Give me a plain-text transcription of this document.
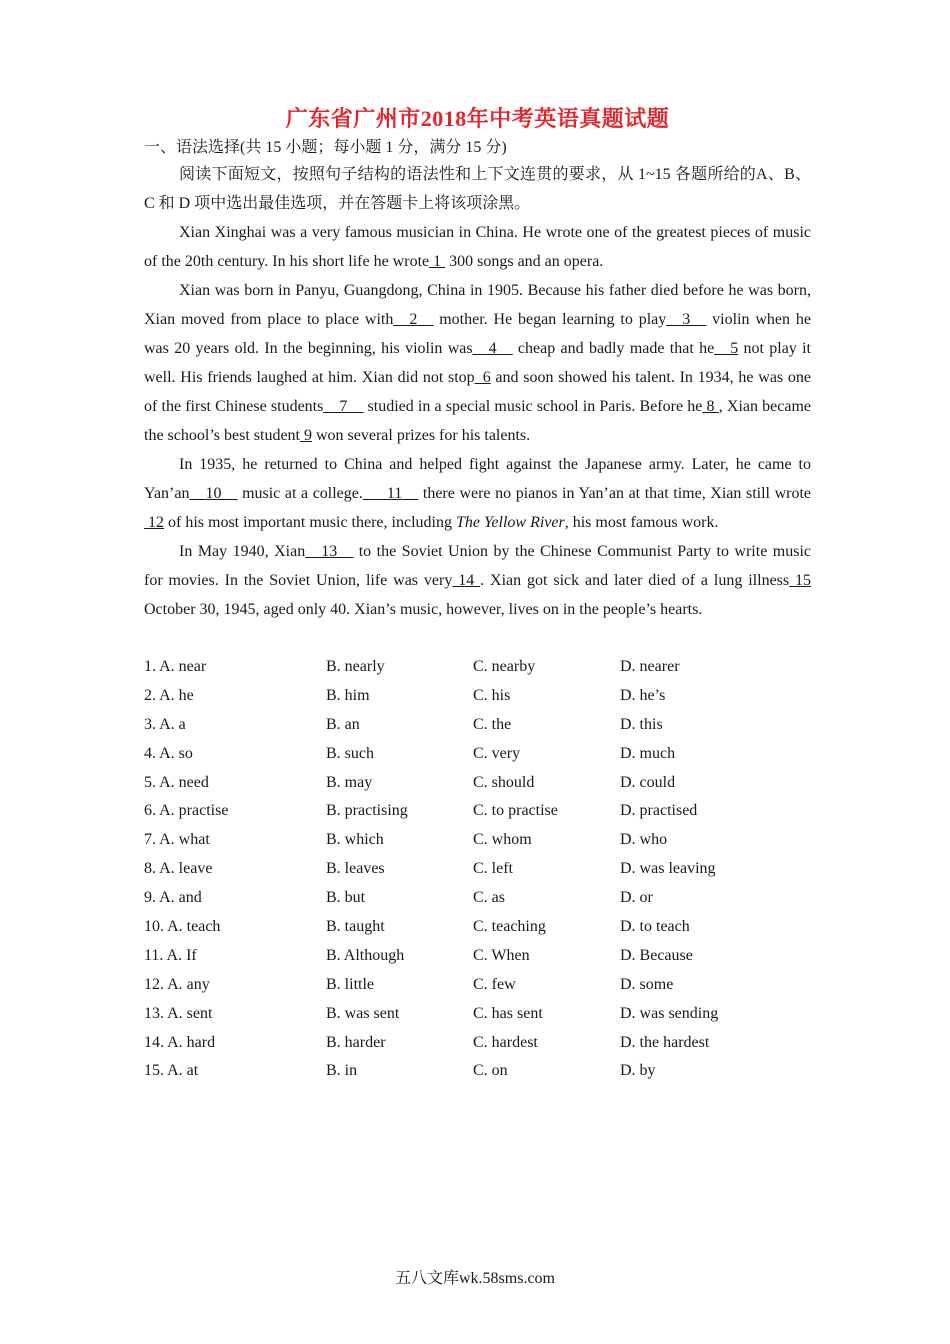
广东省广州市2018年中考英语真题试题

一、语法选择(共 15 小题；每小题 1 分，满分 15 分)

阅读下面短文，按照句子结构的语法性和上下文连贯的要求，从 1~15 各题所给的A、B、C 和 D 项中选出最佳选项，并在答题卡上将该项涂黑。

Xian Xinghai was a very famous musician in China. He wrote one of the greatest pieces of music of the 20th century. In his short life he wrote 1  300 songs and an opera.

Xian was born in Panyu, Guangdong, China in 1905. Because his father died before he was born, Xian moved from place to place with__2__ mother. He began learning to play__3__ violin when he was 20 years old. In the beginning, his violin was__4__ cheap and badly made that he__5 not play it well. His friends laughed at him. Xian did not stop_6 and soon showed his talent. In 1934, he was one of the first Chinese students__7__ studied in a special music school in Paris. Before he 8 , Xian became the school’s best student 9 won several prizes for his talents.

In 1935, he returned to China and helped fight against the Japanese army. Later, he came to Yan’an__10__ music at a college.___11__ there were no pianos in Yan’an at that time, Xian still wrote 12 of his most important music there, including The Yellow River, his most famous work.

In May 1940, Xian__13__ to the Soviet Union by the Chinese Communist Party to write music for movies. In the Soviet Union, life was very 14 . Xian got sick and later died of a lung illness 15 October 30, 1945, aged only 40. Xian’s music, however, lives on in the people’s hearts.

1. A. near	B. nearly	C. nearby	D. nearer
2. A. he	B. him	C. his	D. he’s
3. A. a	B. an	C. the	D. this
4. A. so	B. such	C. very	D. much
5. A. need	B. may	C. should	D. could
6. A. practise	B. practising	C. to practise	D. practised
7. A. what	B. which	C. whom	D. who
8. A. leave	B. leaves	C. left	D. was leaving
9. A. and	B. but	C. as	D. or
10. A. teach	B. taught	C. teaching	D. to teach
11. A. If	B. Although	C. When	D. Because
12. A. any	B. little	C. few	D. some
13. A. sent	B. was sent	C. has sent	D. was sending
14. A. hard	B. harder	C. hardest	D. the hardest
15. A. at	B. in	C. on	D. by
五八文库wk.58sms.com
